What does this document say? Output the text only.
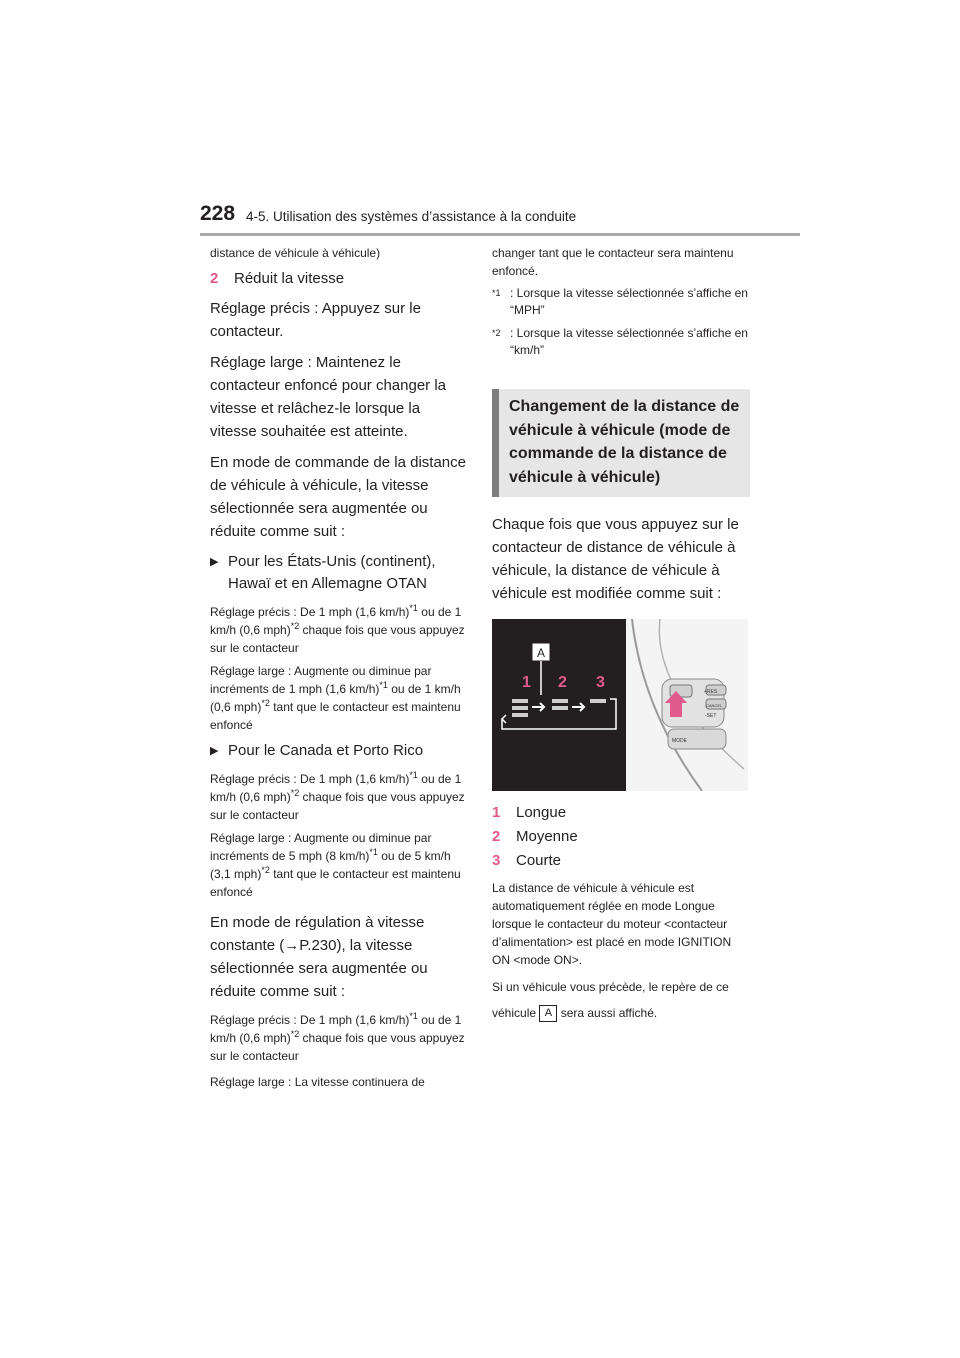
228 4-5. Utilisation des systèmes d’assistance à la conduite

distance de véhicule à véhicule)

2	Réduit la vitesse

Réglage précis : Appuyez sur le contacteur.

Réglage large : Maintenez le contacteur enfoncé pour changer la vitesse et relâchez-le lorsque la vitesse souhaitée est atteinte.

En mode de commande de la distance de véhicule à véhicule, la vitesse sélectionnée sera augmentée ou réduite comme suit :

▶ Pour les États-Unis (continent), Hawaï et en Allemagne OTAN

Réglage précis : De 1 mph (1,6 km/h)$^{*1}$ ou de 1 km/h (0,6 mph)$^{*2}$ chaque fois que vous appuyez sur le contacteur

Réglage large : Augmente ou diminue par incréments de 1 mph (1,6 km/h)$^{*1}$ ou de 1 km/h (0,6 mph)$^{*2}$ tant que le contacteur est maintenu enfoncé

▶ Pour le Canada et Porto Rico

Réglage précis : De 1 mph (1,6 km/h)$^{*1}$ ou de 1 km/h (0,6 mph)$^{*2}$ chaque fois que vous appuyez sur le contacteur

Réglage large : Augmente ou diminue par incréments de 5 mph (8 km/h)$^{*1}$ ou de 5 km/h (3,1 mph)$^{*2}$ tant que le contacteur est maintenu enfoncé

En mode de régulation à vitesse constante (→P.230), la vitesse sélectionnée sera augmentée ou réduite comme suit :

Réglage précis : De 1 mph (1,6 km/h)$^{*1}$ ou de 1 km/h (0,6 mph)$^{*2}$ chaque fois que vous appuyez sur le contacteur

Réglage large : La vitesse continuera de

changer tant que le contacteur sera maintenu enfoncé.

$^{*1}$ : Lorsque la vitesse sélectionnée s’affiche en “MPH”
$^{*2}$ : Lorsque la vitesse sélectionnée s’affiche en “km/h”
Changement de la distance de véhicule à véhicule (mode de commande de la distance de véhicule à véhicule)

Chaque fois que vous appuyez sur le contacteur de distance de véhicule à véhicule, la distance de véhicule à véhicule est modifiée comme suit :

+RES
-SET
MODE
CANCEL
A
1 2 3
1	Longue
2	Moyenne
3	Courte

La distance de véhicule à véhicule est automatiquement réglée en mode Longue lorsque le contacteur du moteur <contacteur d’alimentation> est placé en mode IGNITION ON <mode ON>.

Si un véhicule vous précède, le repère de ce véhicule A sera aussi affiché.
